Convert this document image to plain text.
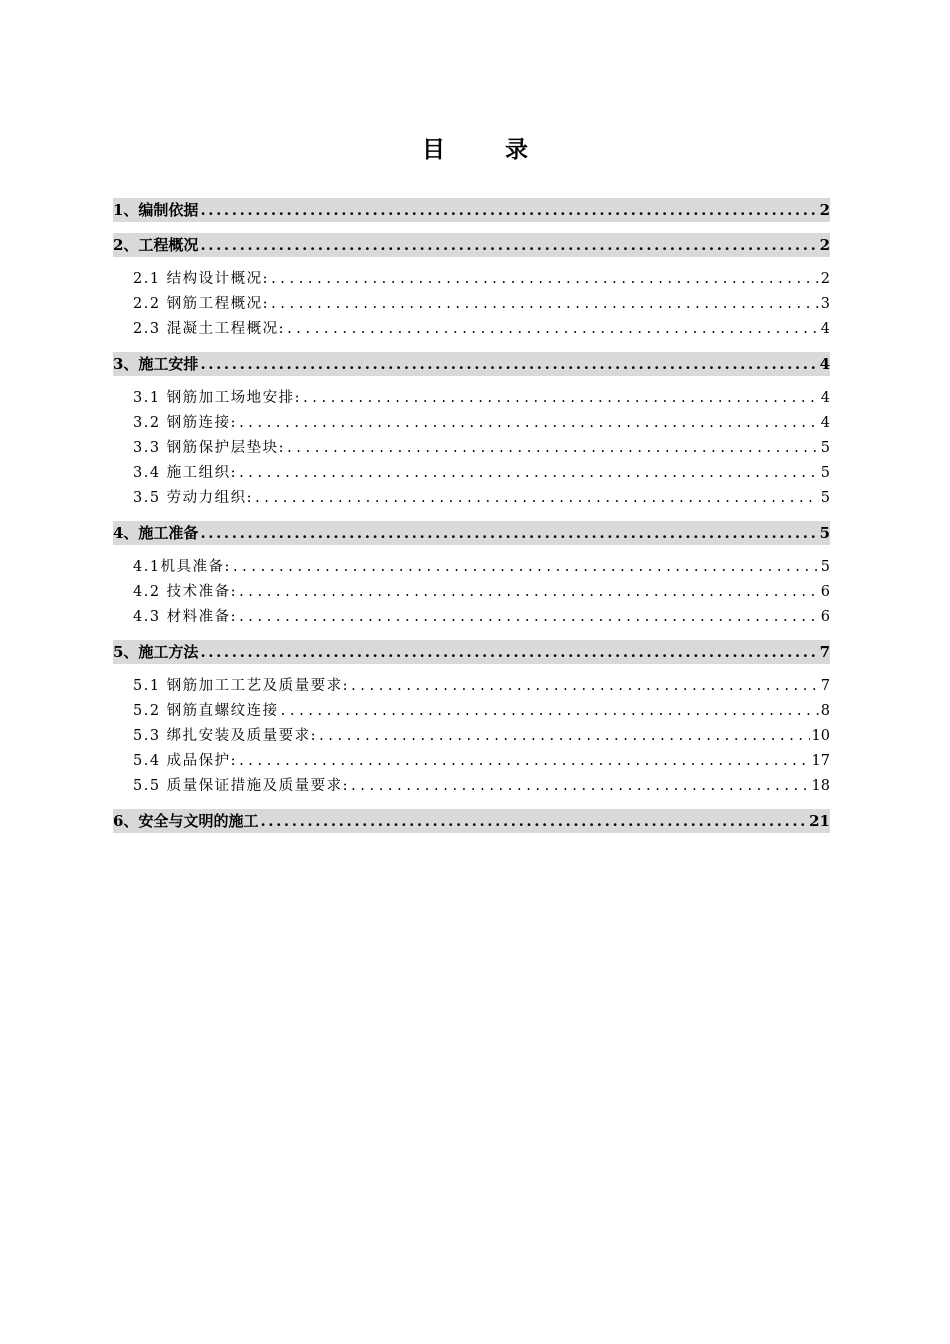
目 录
1、编制依据 .....	2
2、工程概况 .....	2
2.1 结构设计概况: . . .	2
2.2 钢筋工程概况: . . .	3
2.3 混凝土工程概况: . . .	4
3、施工安排 .....	4
3.1 钢筋加工场地安排: . . .	4
3.2 钢筋连接: . . .	4
3.3 钢筋保护层垫块: . . .	5
3.4 施工组织: . . .	5
3.5 劳动力组织: . . .	5
4、施工准备 .....	5
4.1机具准备: . . .	5
4.2 技术准备: . . .	6
4.3 材料准备: . . .	6
5、施工方法 .....	7
5.1 钢筋加工工艺及质量要求: . . .	7
5.2 钢筋直螺纹连接 . . .	8
5.3 绑扎安装及质量要求: . . .	10
5.4 成品保护: . . .	17
5.5 质量保证措施及质量要求: . . .	18
6、安全与文明的施工 .....	21
